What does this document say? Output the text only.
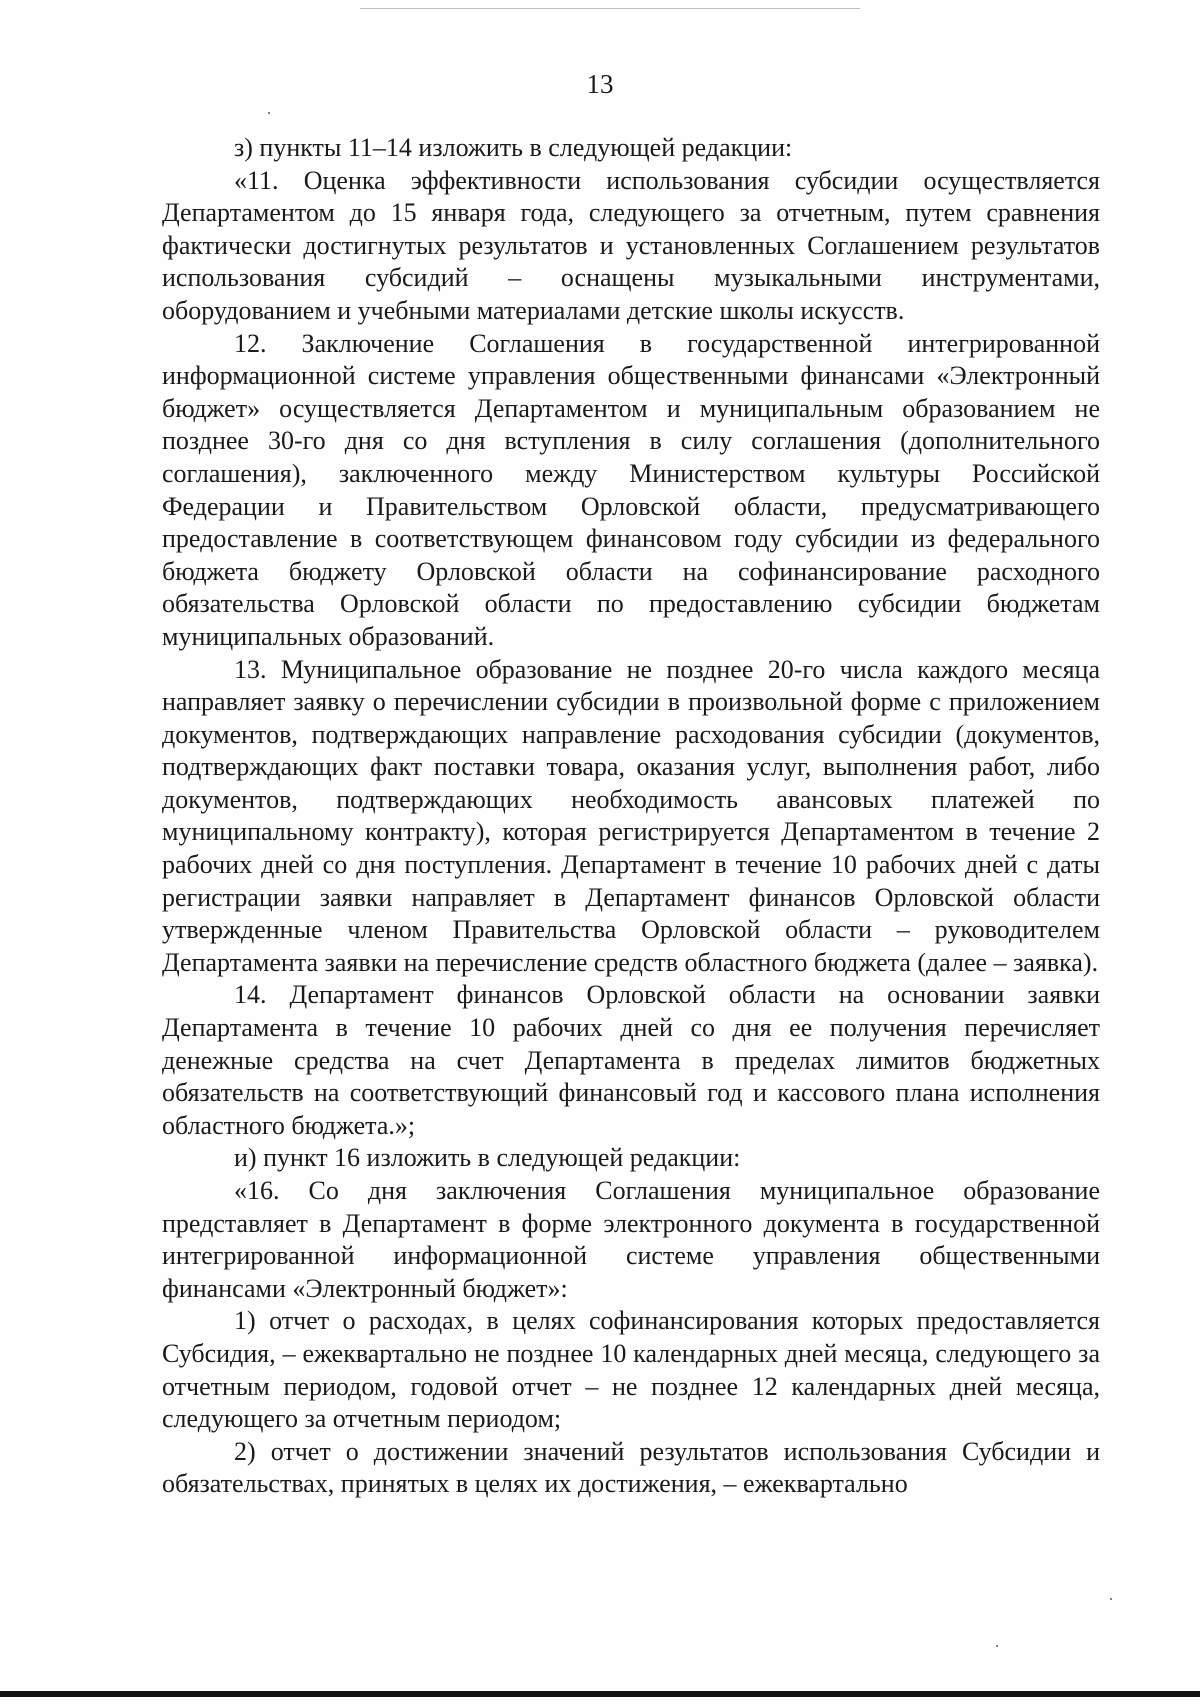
13

з) пункты 11–14 изложить в следующей редакции:

«11. Оценка эффективности использования субсидии осуществляется Департаментом до 15 января года, следующего за отчетным, путем сравнения фактически достигнутых результатов и установленных Соглашением результатов использования субсидий – оснащены музыкальными инструментами, оборудованием и учебными материалами детские школы искусств.

12. Заключение Соглашения в государственной интегрированной информационной системе управления общественными финансами «Электронный бюджет» осуществляется Департаментом и муниципальным образованием не позднее 30-го дня со дня вступления в силу соглашения (дополнительного соглашения), заключенного между Министерством культуры Российской Федерации и Правительством Орловской области, предусматривающего предоставление в соответствующем финансовом году субсидии из федерального бюджета бюджету Орловской области на софинансирование расходного обязательства Орловской области по предоставлению субсидии бюджетам муниципальных образований.

13. Муниципальное образование не позднее 20-го числа каждого месяца направляет заявку о перечислении субсидии в произвольной форме с приложением документов, подтверждающих направление расходования субсидии (документов, подтверждающих факт поставки товара, оказания услуг, выполнения работ, либо документов, подтверждающих необходимость авансовых платежей по муниципальному контракту), которая регистрируется Департаментом в течение 2 рабочих дней со дня поступления. Департамент в течение 10 рабочих дней с даты регистрации заявки направляет в Департамент финансов Орловской области утвержденные членом Правительства Орловской области – руководителем Департамента заявки на перечисление средств областного бюджета (далее – заявка).

14. Департамент финансов Орловской области на основании заявки Департамента в течение 10 рабочих дней со дня ее получения перечисляет денежные средства на счет Департамента в пределах лимитов бюджетных обязательств на соответствующий финансовый год и кассового плана исполнения областного бюджета.»;

и) пункт 16 изложить в следующей редакции:

«16. Со дня заключения Соглашения муниципальное образование представляет в Департамент в форме электронного документа в государственной интегрированной информационной системе управления общественными финансами «Электронный бюджет»:

1) отчет о расходах, в целях софинансирования которых предоставляется Субсидия, – ежеквартально не позднее 10 календарных дней месяца, следующего за отчетным периодом, годовой отчет – не позднее 12 календарных дней месяца, следующего за отчетным периодом;

2) отчет о достижении значений результатов использования Субсидии и обязательствах, принятых в целях их достижения, – ежеквартально
